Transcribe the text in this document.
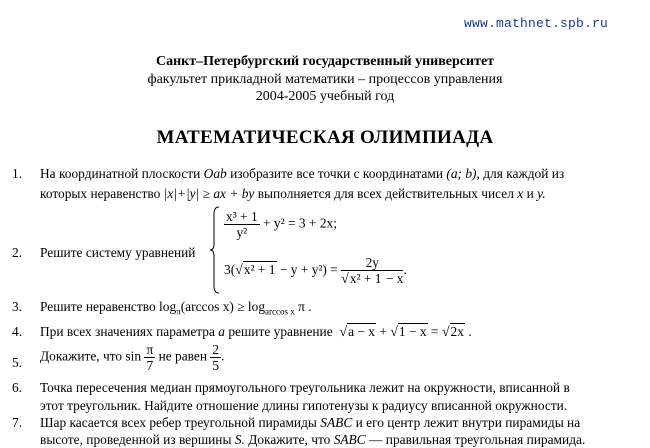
www.mathnet.spb.ru
Санкт–Петербургский государственный университет
факультет прикладной математики – процессов управления
2004-2005 учебный год
МАТЕМАТИЧЕСКАЯ ОЛИМПИАДА
1. На координатной плоскости Oab изобразите все точки с координатами (a; b), для каждой из
которых неравенство |x|+|y| ≥ ax + by выполняется для всех действительных чисел x и y.
2. Решите систему уравнений
$\frac{\text{x³ + 1}}{\text{y²}} + y^2 = 3 + 2x$;
$3(√x^2 + 1 - y + y^2) = \frac{2y}{\text{√x² + 1 − x}}$ .
3. Решите неравенство $\log_\pi(\arccos$ $x) \ge \log_{arccos x} \pi$ .
4. При всех значениях параметра a решите уравнение √a − x + √1 − x = √2x .
5. Докажите, что $\sin \frac{\pi}{7}$ не равен $\frac{2}{5}$ .
6. Точка пересечения медиан прямоугольного треугольника лежит на окружности, вписанной в
этот треугольник. Найдите отношение длины гипотенузы к радиусу вписанной окружности.
7. Шар касается всех ребер треугольной пирамиды SABC и его центр лежит внутри пирамиды на
высоте, проведенной из вершины S. Докажите, что SABC — правильная треугольная пирамида.
